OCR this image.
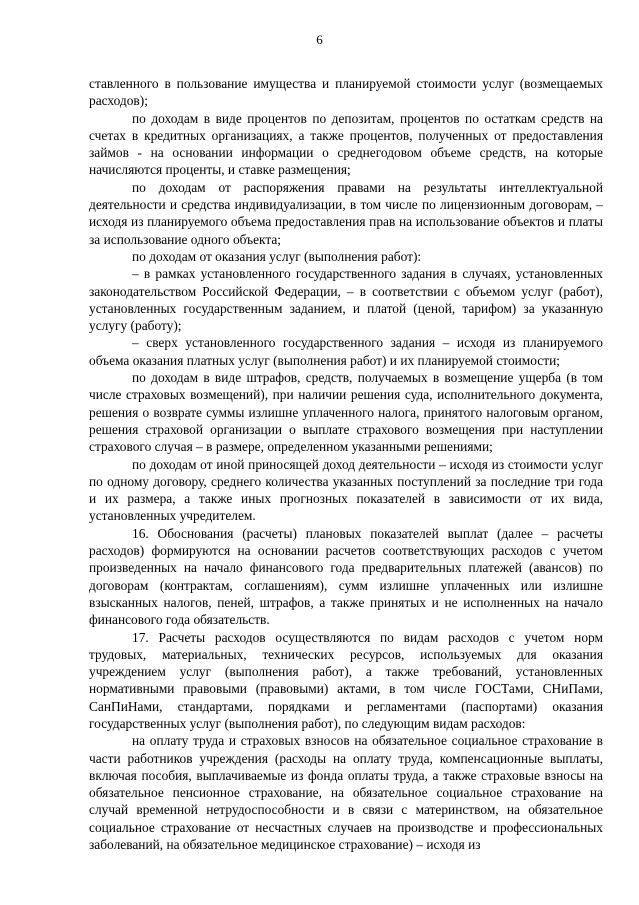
6

ставленного в пользование имущества и планируемой стоимости услуг (возмещаемых расходов);

по доходам в виде процентов по депозитам, процентов по остаткам средств на счетах в кредитных организациях, а также процентов, полученных от предоставления займов - на основании информации о среднегодовом объеме средств, на которые начисляются проценты, и ставке размещения;

по доходам от распоряжения правами на результаты интеллектуальной деятельности и средства индивидуализации, в том числе по лицензионным договорам, – исходя из планируемого объема предоставления прав на использование объектов и платы за использование одного объекта;

по доходам от оказания услуг (выполнения работ):

– в рамках установленного государственного задания в случаях, установленных законодательством Российской Федерации, – в соответствии с объемом услуг (работ), установленных государственным заданием, и платой (ценой, тарифом) за указанную услугу (работу);

– сверх установленного государственного задания – исходя из планируемого объема оказания платных услуг (выполнения работ) и их планируемой стоимости;

по доходам в виде штрафов, средств, получаемых в возмещение ущерба (в том числе страховых возмещений), при наличии решения суда, исполнительного документа, решения о возврате суммы излишне уплаченного налога, принятого налоговым органом, решения страховой организации о выплате страхового возмещения при наступлении страхового случая – в размере, определенном указанными решениями;

по доходам от иной приносящей доход деятельности – исходя из стоимости услуг по одному договору, среднего количества указанных поступлений за последние три года и их размера, а также иных прогнозных показателей в зависимости от их вида, установленных учредителем.

16. Обоснования (расчеты) плановых показателей выплат (далее – расчеты расходов) формируются на основании расчетов соответствующих расходов с учетом произведенных на начало финансового года предварительных платежей (авансов) по договорам (контрактам, соглашениям), сумм излишне уплаченных или излишне взысканных налогов, пеней, штрафов, а также принятых и не исполненных на начало финансового года обязательств.

17. Расчеты расходов осуществляются по видам расходов с учетом норм трудовых, материальных, технических ресурсов, используемых для оказания учреждением услуг (выполнения работ), а также требований, установленных нормативными правовыми (правовыми) актами, в том числе ГОСТами, СНиПами, СанПиНами, стандартами, порядками и регламентами (паспортами) оказания государственных услуг (выполнения работ), по следующим видам расходов:

на оплату труда и страховых взносов на обязательное социальное страхование в части работников учреждения (расходы на оплату труда, компенсационные выплаты, включая пособия, выплачиваемые из фонда оплаты труда, а также страховые взносы на обязательное пенсионное страхование, на обязательное социальное страхование на случай временной нетрудоспособности и в связи с материнством, на обязательное социальное страхование от несчастных случаев на производстве и профессиональных заболеваний, на обязательное медицинское страхование) – исходя из
